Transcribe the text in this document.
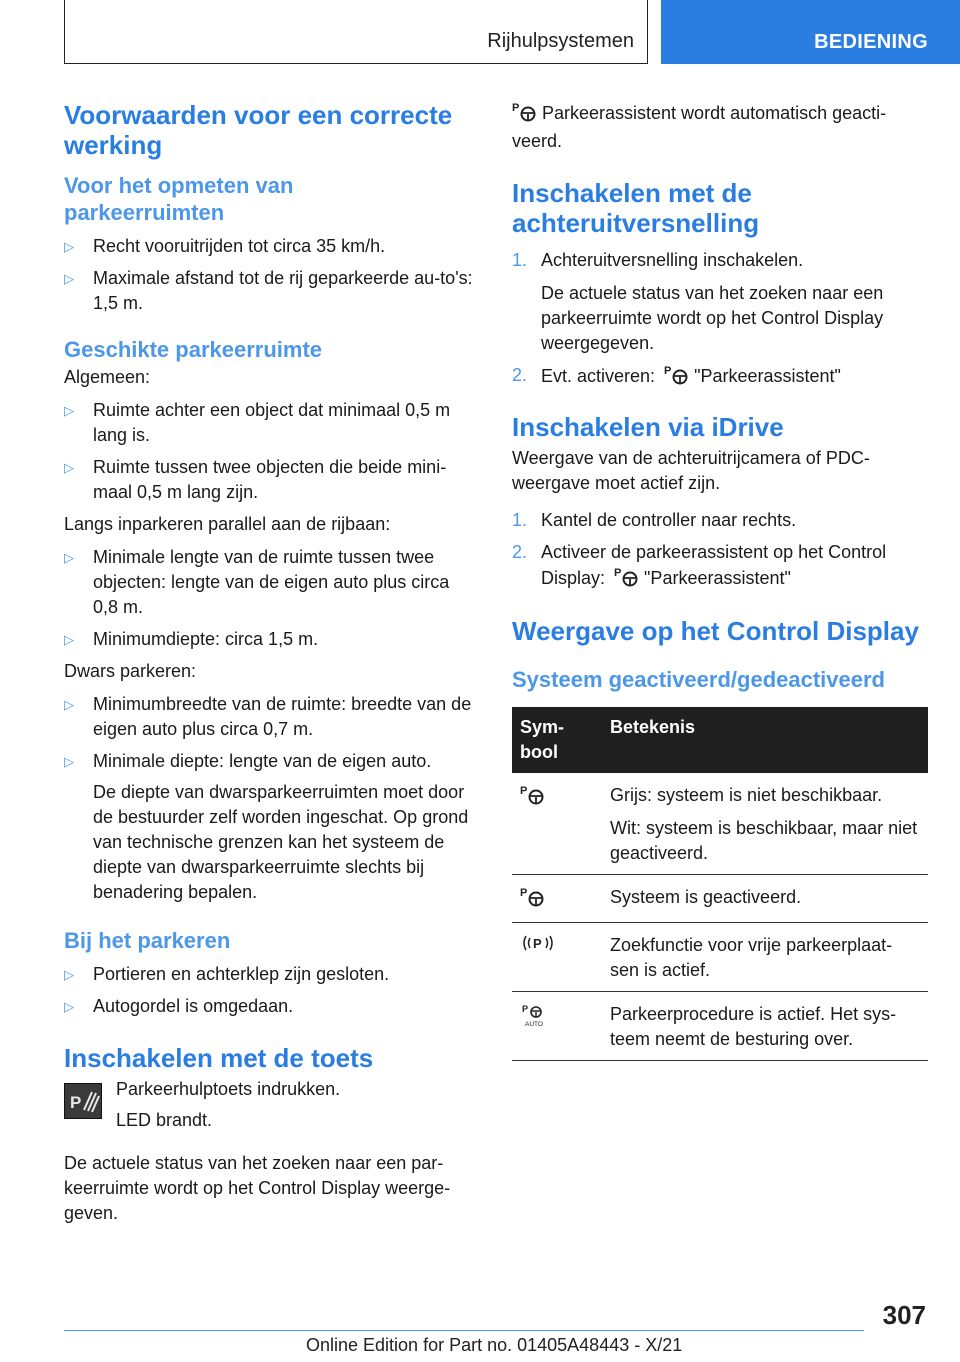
Rijhulpsystemen	BEDIENING
Voorwaarden voor een correcte werking
Voor het opmeten van parkeerruimten
▷ Recht vooruitrijden tot circa 35 km/h.
▷ Maximale afstand tot de rij geparkeerde au-to's: 1,5 m.
Geschikte parkeerruimte

Algemeen:

▷ Ruimte achter een object dat minimaal 0,5 m lang is.
▷ Ruimte tussen twee objecten die beide mini-maal 0,5 m lang zijn.

Langs inparkeren parallel aan de rijbaan:

▷ Minimale lengte van de ruimte tussen twee objecten: lengte van de eigen auto plus circa 0,8 m.
▷ Minimumdiepte: circa 1,5 m.

Dwars parkeren:

▷ Minimumbreedte van de ruimte: breedte van de eigen auto plus circa 0,7 m.
▷ Minimale diepte: lengte van de eigen auto.
De diepte van dwarsparkeerruimten moet door de bestuurder zelf worden ingeschat. Op grond van technische grenzen kan het systeem de diepte van dwarsparkeerruimte slechts bij benadering bepalen.
Bij het parkeren
▷ Portieren en achterklep zijn gesloten.
▷ Autogordel is omgedaan.
Inschakelen met de toets
P

Parkeerhulptoets indrukken.

LED brandt.

De actuele status van het zoeken naar een par-keerruimte wordt op het Control Display weerge-geven.

P Parkeerassistent wordt automatisch geacti-veerd.

Inschakelen met de achteruitversnelling
1. Achteruitversnelling inschakelen.
De actuele status van het zoeken naar een parkeerruimte wordt op het Control Display weergegeven.
2. Evt. activeren: P "Parkeerassistent"
Inschakelen via iDrive

Weergave van de achteruitrijcamera of PDC-weergave moet actief zijn.

1. Kantel de controller naar rechts.
2. Activeer de parkeerassistent op het Control Display: P "Parkeerassistent"
Weergave op het Control Display
Systeem geactiveerd/gedeactiveerd
Sym-bool	Betekenis

P	Grijs: systeem is niet beschikbaar.

Wit: systeem is beschikbaar, maar niet geactiveerd.

P	Systeem is geactiveerd.

P	Zoekfunctie voor vrije parkeerplaat-sen is actief.

P
AUTO	Parkeerprocedure is actief. Het sys-teem neemt de besturing over.
307
Online Edition for Part no. 01405A48443 - X/21
